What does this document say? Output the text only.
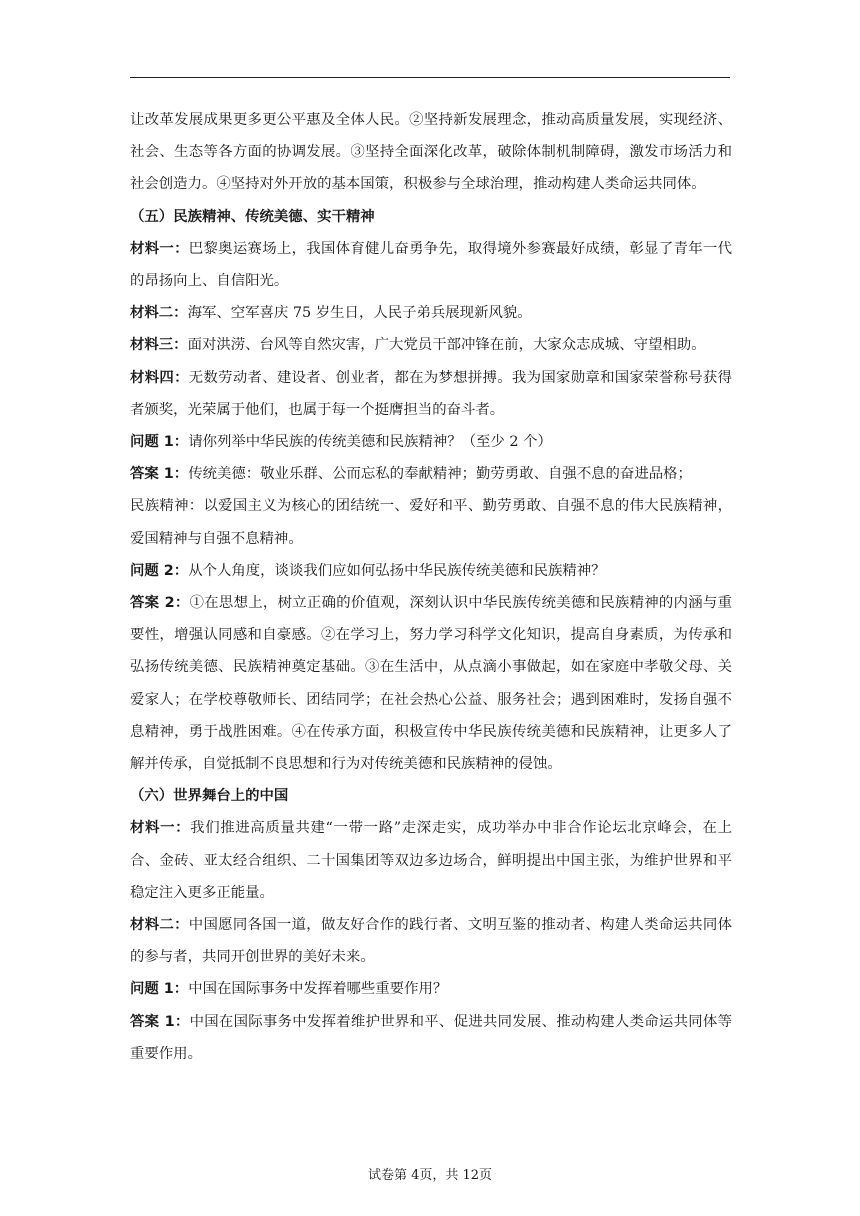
让改革发展成果更多更公平惠及全体人民。②坚持新发展理念，推动高质量发展，实现经济、社会、生态等各方面的协调发展。③坚持全面深化改革，破除体制机制障碍，激发市场活力和社会创造力。④坚持对外开放的基本国策，积极参与全球治理，推动构建人类命运共同体。

（五）民族精神、传统美德、实干精神

材料一：巴黎奥运赛场上，我国体育健儿奋勇争先，取得境外参赛最好成绩，彰显了青年一代的昂扬向上、自信阳光。

材料二：海军、空军喜庆 75 岁生日，人民子弟兵展现新风貌。

材料三：面对洪涝、台风等自然灾害，广大党员干部冲锋在前，大家众志成城、守望相助。

材料四：无数劳动者、建设者、创业者，都在为梦想拼搏。我为国家勋章和国家荣誉称号获得者颁奖，光荣属于他们，也属于每一个挺膺担当的奋斗者。

问题 1：请你列举中华民族的传统美德和民族精神？（至少 2 个）

答案 1：传统美德：敬业乐群、公而忘私的奉献精神；勤劳勇敢、自强不息的奋进品格；

民族精神：以爱国主义为核心的团结统一、爱好和平、勤劳勇敢、自强不息的伟大民族精神，爱国精神与自强不息精神。

问题 2：从个人角度，谈谈我们应如何弘扬中华民族传统美德和民族精神？

答案 2：①在思想上，树立正确的价值观，深刻认识中华民族传统美德和民族精神的内涵与重要性，增强认同感和自豪感。②在学习上，努力学习科学文化知识，提高自身素质，为传承和弘扬传统美德、民族精神奠定基础。③在生活中，从点滴小事做起，如在家庭中孝敬父母、关爱家人；在学校尊敬师长、团结同学；在社会热心公益、服务社会；遇到困难时，发扬自强不息精神，勇于战胜困难。④在传承方面，积极宣传中华民族传统美德和民族精神，让更多人了解并传承，自觉抵制不良思想和行为对传统美德和民族精神的侵蚀。

（六）世界舞台上的中国

材料一：我们推进高质量共建“一带一路”走深走实，成功举办中非合作论坛北京峰会，在上合、金砖、亚太经合组织、二十国集团等双边多边场合，鲜明提出中国主张，为维护世界和平稳定注入更多正能量。

材料二：中国愿同各国一道，做友好合作的践行者、文明互鉴的推动者、构建人类命运共同体的参与者，共同开创世界的美好未来。

问题 1：中国在国际事务中发挥着哪些重要作用？

答案 1：中国在国际事务中发挥着维护世界和平、促进共同发展、推动构建人类命运共同体等重要作用。

试卷第 4页，共 12页
